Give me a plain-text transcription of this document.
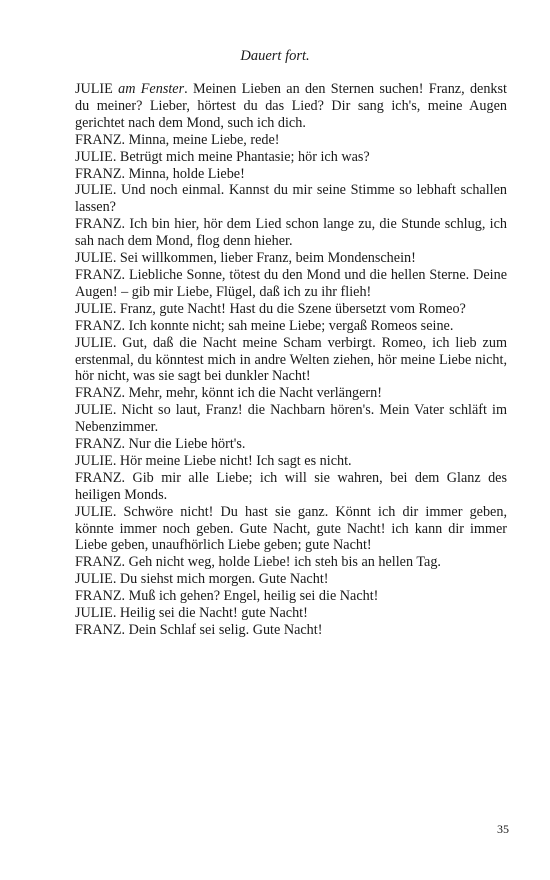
Dauert fort.

JULIE am Fenster. Meinen Lieben an den Sternen suchen! Franz, denkst du meiner? Lieber, hörtest du das Lied? Dir sang ich's, meine Augen gerichtet nach dem Mond, such ich dich.

FRANZ. Minna, meine Liebe, rede!

JULIE. Betrügt mich meine Phantasie; hör ich was?

FRANZ. Minna, holde Liebe!

JULIE. Und noch einmal. Kannst du mir seine Stimme so lebhaft schallen lassen?

FRANZ. Ich bin hier, hör dem Lied schon lange zu, die Stunde schlug, ich sah nach dem Mond, flog denn hieher.

JULIE. Sei willkommen, lieber Franz, beim Mondenschein!

FRANZ. Liebliche Sonne, tötest du den Mond und die hellen Sterne. Deine Augen! – gib mir Liebe, Flügel, daß ich zu ihr flieh!

JULIE. Franz, gute Nacht! Hast du die Szene übersetzt vom Romeo?

FRANZ. Ich konnte nicht; sah meine Liebe; vergaß Romeos seine.

JULIE. Gut, daß die Nacht meine Scham verbirgt. Romeo, ich lieb zum erstenmal, du könntest mich in andre Welten ziehen, hör meine Liebe nicht, hör nicht, was sie sagt bei dunkler Nacht!

FRANZ. Mehr, mehr, könnt ich die Nacht verlängern!

JULIE. Nicht so laut, Franz! die Nachbarn hören's. Mein Vater schläft im Nebenzimmer.

FRANZ. Nur die Liebe hört's.

JULIE. Hör meine Liebe nicht! Ich sagt es nicht.

FRANZ. Gib mir alle Liebe; ich will sie wahren, bei dem Glanz des heiligen Monds.

JULIE. Schwöre nicht! Du hast sie ganz. Könnt ich dir immer geben, könnte immer noch geben. Gute Nacht, gute Nacht! ich kann dir immer Liebe geben, unaufhörlich Liebe geben; gute Nacht!

FRANZ. Geh nicht weg, holde Liebe! ich steh bis an hellen Tag.

JULIE. Du siehst mich morgen. Gute Nacht!

FRANZ. Muß ich gehen? Engel, heilig sei die Nacht!

JULIE. Heilig sei die Nacht! gute Nacht!

FRANZ. Dein Schlaf sei selig. Gute Nacht!

35
